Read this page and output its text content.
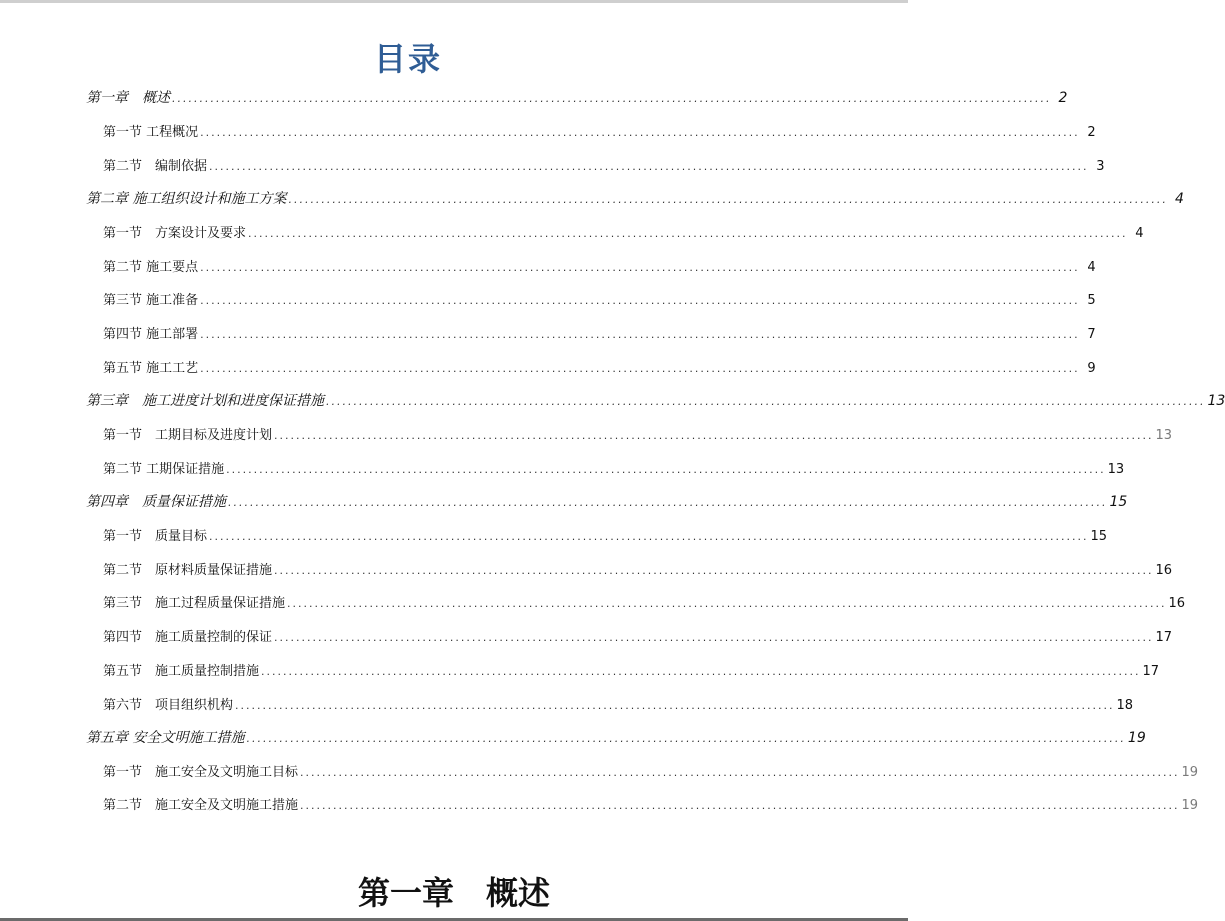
目录
第一章　概述 ................................................................................................................................................................ 2
第一节 工程概况 ................................................................................................................................................................ 2
第二节　编制依据 ................................................................................................................................................................ 3
第二章 施工组织设计和施工方案 ................................................................................................................................................................ 4
第一节　方案设计及要求 ................................................................................................................................................................ 4
第二节 施工要点 ................................................................................................................................................................ 4
第三节 施工准备 ................................................................................................................................................................ 5
第四节 施工部署 ................................................................................................................................................................ 7
第五节 施工工艺 ................................................................................................................................................................ 9
第三章　施工进度计划和进度保证措施 ................................................................................................................................................................ 13
第一节　工期目标及进度计划 ................................................................................................................................................................ 13
第二节 工期保证措施 ................................................................................................................................................................ 13
第四章　质量保证措施 ................................................................................................................................................................ 15
第一节　质量目标 ................................................................................................................................................................ 15
第二节　原材料质量保证措施 ................................................................................................................................................................ 16
第三节　施工过程质量保证措施 ................................................................................................................................................................ 16
第四节　施工质量控制的保证 ................................................................................................................................................................ 17
第五节　施工质量控制措施 ................................................................................................................................................................ 17
第六节　项目组织机构 ................................................................................................................................................................ 18
第五章 安全文明施工措施 ................................................................................................................................................................ 19
第一节　施工安全及文明施工目标 ................................................................................................................................................................ 19
第二节　施工安全及文明施工措施 ................................................................................................................................................................ 19
第一章　概述
